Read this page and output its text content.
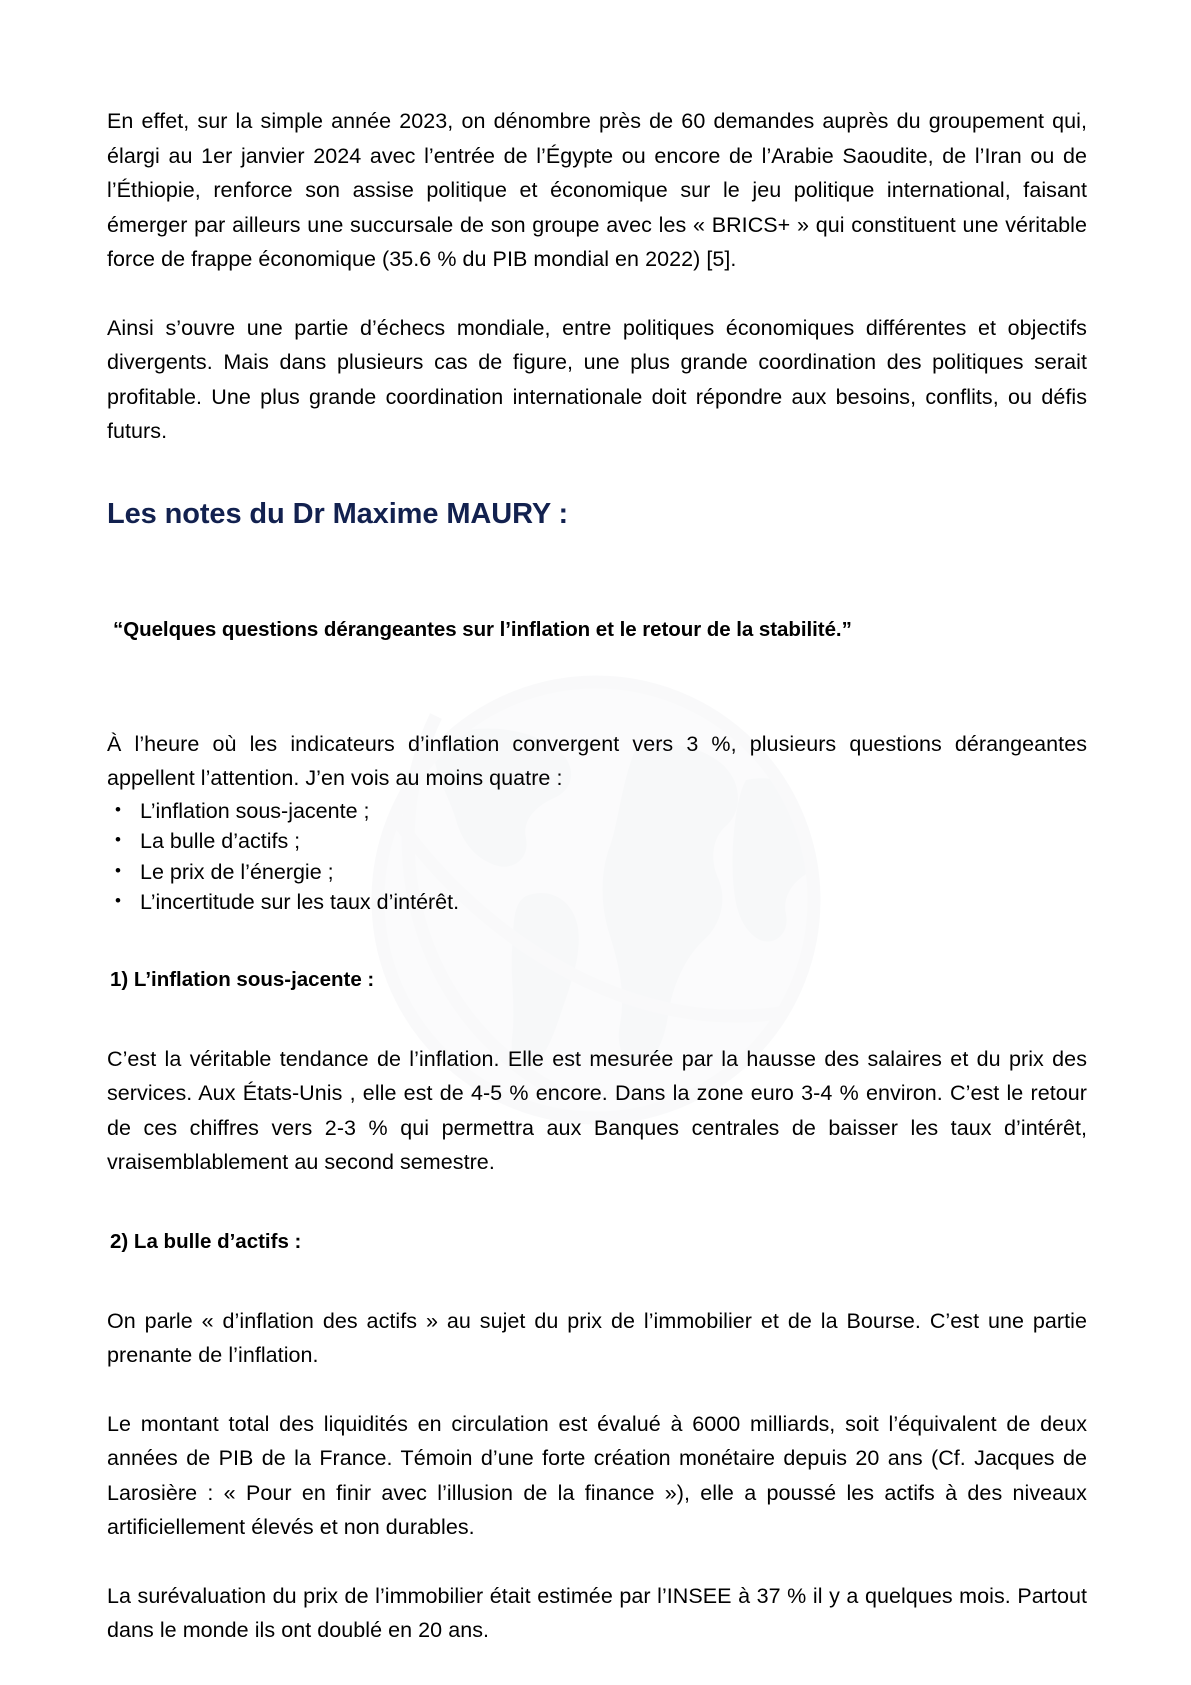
En effet, sur la simple année 2023, on dénombre près de 60 demandes auprès du groupement qui, élargi au 1er janvier 2024 avec l’entrée de l’Égypte ou encore de l’Arabie Saoudite, de l’Iran ou de l’Éthiopie, renforce son assise politique et économique sur le jeu politique international, faisant émerger par ailleurs une succursale de son groupe avec les « BRICS+ » qui constituent une véritable force de frappe économique (35.6 % du PIB mondial en 2022) [5].

Ainsi s’ouvre une partie d’échecs mondiale, entre politiques économiques différentes et objectifs divergents. Mais dans plusieurs cas de figure, une plus grande coordination des politiques serait profitable. Une plus grande coordination internationale doit répondre aux besoins, conflits, ou défis futurs.

Les notes du Dr Maxime MAURY :

“Quelques questions dérangeantes sur l’inflation et le retour de la stabilité.”

À l’heure où les indicateurs d’inflation convergent vers 3 %, plusieurs questions dérangeantes appellent l’attention. J’en vois au moins quatre :

• L’inflation sous-jacente ;
• La bulle d’actifs ;
• Le prix de l’énergie ;
• L’incertitude sur les taux d’intérêt.

1) L’inflation sous-jacente :

C’est la véritable tendance de l’inflation. Elle est mesurée par la hausse des salaires et du prix des services. Aux États-Unis , elle est de 4-5 % encore. Dans la zone euro 3-4 % environ. C’est le retour de ces chiffres vers 2-3 % qui permettra aux Banques centrales de baisser les taux d’intérêt, vraisemblablement au second semestre.

2) La bulle d’actifs :

On parle « d’inflation des actifs » au sujet du prix de l’immobilier et de la Bourse. C’est une partie prenante de l’inflation.

Le montant total des liquidités en circulation est évalué à 6000 milliards, soit l’équivalent de deux années de PIB de la France. Témoin d’une forte création monétaire depuis 20 ans (Cf. Jacques de Larosière : « Pour en finir avec l’illusion de la finance »), elle a poussé les actifs à des niveaux artificiellement élevés et non durables.

La surévaluation du prix de l’immobilier était estimée par l’INSEE à 37 % il y a quelques mois. Partout dans le monde ils ont doublé en 20 ans.
